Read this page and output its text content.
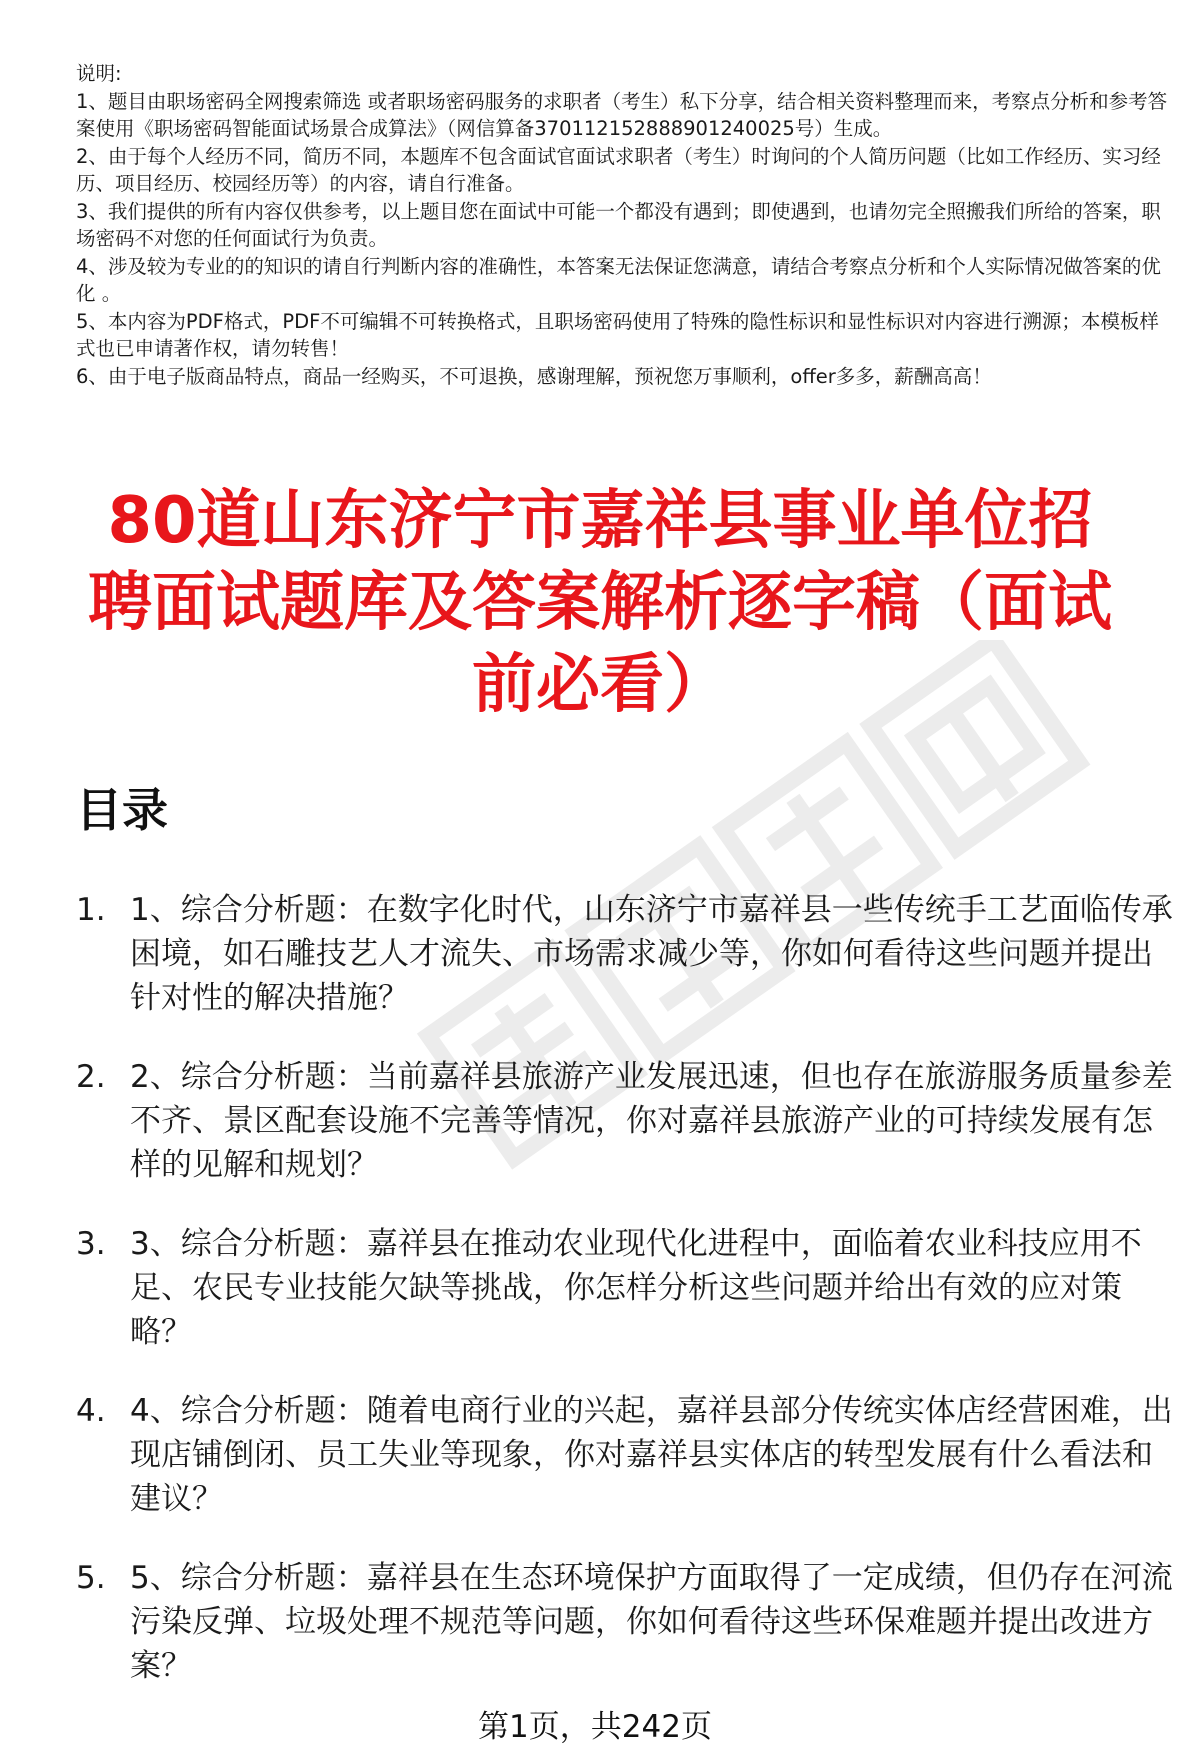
说明:
1、题目由职场密码全网搜索筛选 或者职场密码服务的求职者（考生）私下分享，结合相关资料整理而来，考察点分析和参考答案使用《职场密码智能面试场景合成算法》（网信算备370112152888901240025号）生成。
2、由于每个人经历不同，简历不同，本题库不包含面试官面试求职者（考生）时询问的个人简历问题（比如工作经历、实习经历、项目经历、校园经历等）的内容，请自行准备。
3、我们提供的所有内容仅供参考，以上题目您在面试中可能一个都没有遇到；即使遇到，也请勿完全照搬我们所给的答案，职场密码不对您的任何面试行为负责。
4、涉及较为专业的的知识的请自行判断内容的准确性，本答案无法保证您满意，请结合考察点分析和个人实际情况做答案的优化 。
5、本内容为PDF格式，PDF不可编辑不可转换格式，且职场密码使用了特殊的隐性标识和显性标识对内容进行溯源；本模板样式也已申请著作权，请勿转售！
6、由于电子版商品特点，商品一经购买，不可退换，感谢理解，预祝您万事顺利，offer多多，薪酬高高！
80道山东济宁市嘉祥县事业单位招聘面试题库及答案解析逐字稿（面试前必看）
目录
1. 1、综合分析题：在数字化时代，山东济宁市嘉祥县一些传统手工艺面临传承困境，如石雕技艺人才流失、市场需求减少等，你如何看待这些问题并提出针对性的解决措施？
2. 2、综合分析题：当前嘉祥县旅游产业发展迅速，但也存在旅游服务质量参差不齐、景区配套设施不完善等情况，你对嘉祥县旅游产业的可持续发展有怎样的见解和规划？
3. 3、综合分析题：嘉祥县在推动农业现代化进程中，面临着农业科技应用不足、农民专业技能欠缺等挑战，你怎样分析这些问题并给出有效的应对策略？
4. 4、综合分析题：随着电商行业的兴起，嘉祥县部分传统实体店经营困难，出现店铺倒闭、员工失业等现象，你对嘉祥县实体店的转型发展有什么看法和建议？
5. 5、综合分析题：嘉祥县在生态环境保护方面取得了一定成绩，但仍存在河流污染反弹、垃圾处理不规范等问题，你如何看待这些环保难题并提出改进方案？
第1页，共242页
